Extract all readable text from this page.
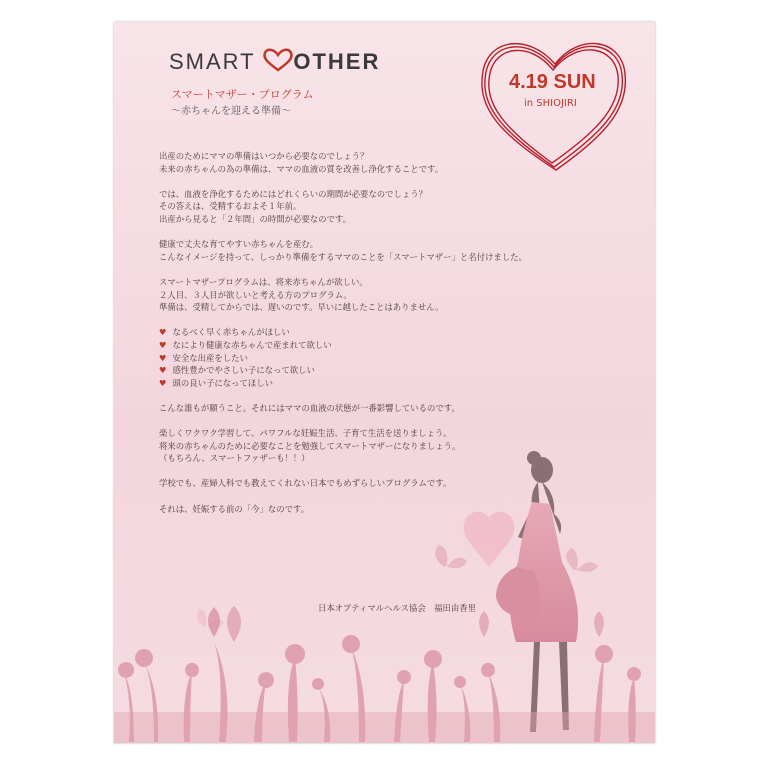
SMART OTHER
スマートマザー・プログラム
〜赤ちゃんを迎える準備〜
4.19 SUN
in SHIOJIRI
出産のためにママの準備はいつから必要なのでしょう？
未来の赤ちゃんの為の準備は、ママの血液の質を改善し浄化することです。
では、血液を浄化するためにはどれくらいの期間が必要なのでしょう？
その答えは、受精するおよそ１年前。
出産から見ると「２年間」の時間が必要なのです。
健康で丈夫な育てやすい赤ちゃんを産む。
こんなイメージを持って、しっかり準備をするママのことを「スマートマザー」と名付けました。
スマートマザープログラムは、将来赤ちゃんが欲しい。
２人目、３人目が欲しいと考える方のプログラム。
準備は、受精してからでは、遅いのです。早いに越したことはありません。
♥ なるべく早く赤ちゃんがほしい
♥ なにより健康な赤ちゃんで産まれて欲しい
♥ 安全な出産をしたい
♥ 感性豊かでやさしい子になって欲しい
♥ 頭の良い子になってほしい
こんな誰もが願うこと。それにはママの血液の状態が一番影響しているのです。
楽しくワクワク学習して、パワフルな妊娠生活、子育て生活を送りましょう。
将来の赤ちゃんのために必要なことを勉強してスマートマザーになりましょう。
（もちろん、スマートファザーも！！）
学校でも、産婦人科でも教えてくれない日本でもめずらしいプログラムです。
それは、妊娠する前の「今」なのです。
日本オプティマルヘルス協会　福田由香里
